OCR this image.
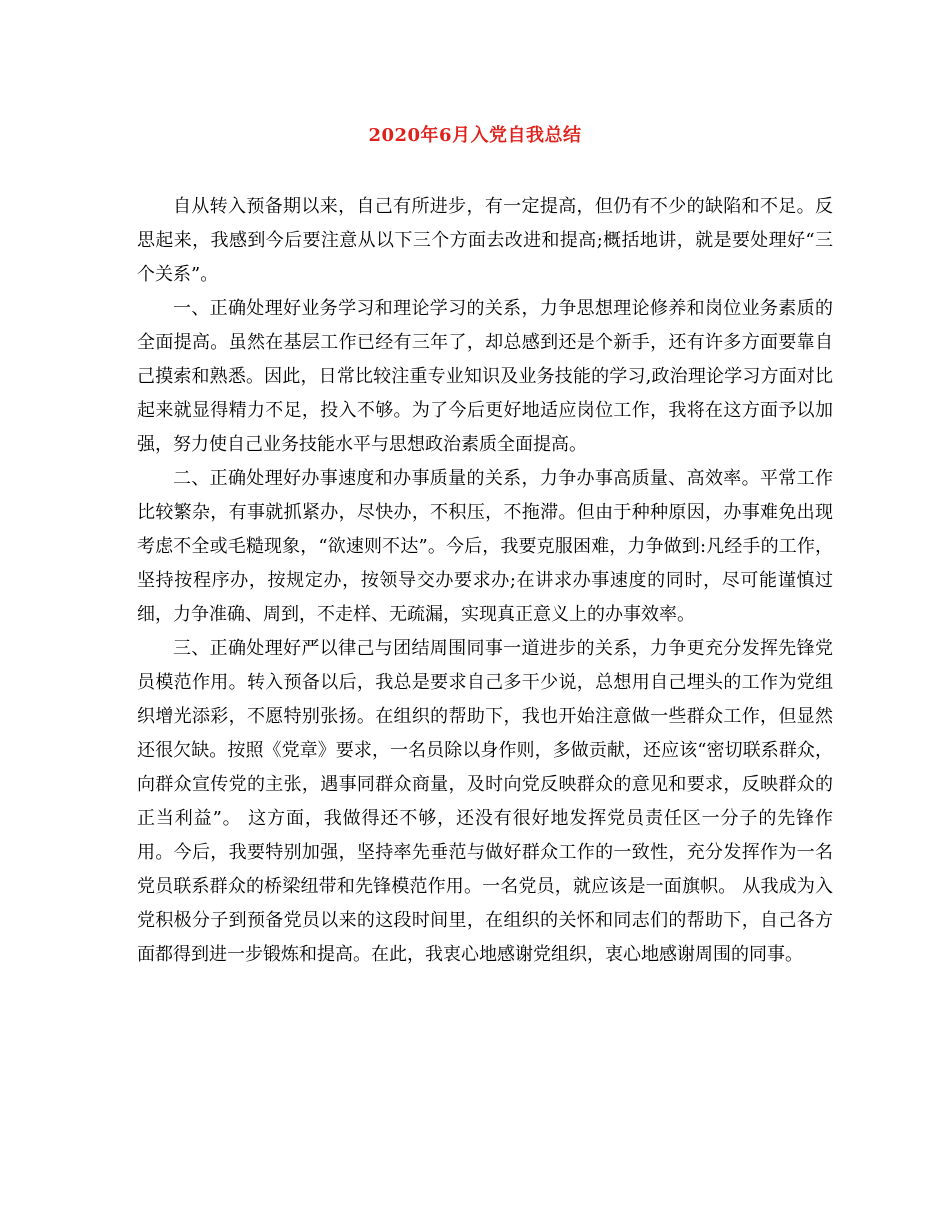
2020年6月入党自我总结

自从转入预备期以来，自己有所进步，有一定提高，但仍有不少的缺陷和不足。反思起来，我感到今后要注意从以下三个方面去改进和提高;概括地讲，就是要处理好“三个关系”。

一、正确处理好业务学习和理论学习的关系，力争思想理论修养和岗位业务素质的全面提高。虽然在基层工作已经有三年了，却总感到还是个新手，还有许多方面要靠自己摸索和熟悉。因此，日常比较注重专业知识及业务技能的学习,政治理论学习方面对比起来就显得精力不足，投入不够。为了今后更好地适应岗位工作，我将在这方面予以加强，努力使自己业务技能水平与思想政治素质全面提高。

二、正确处理好办事速度和办事质量的关系，力争办事高质量、高效率。平常工作比较繁杂，有事就抓紧办，尽快办，不积压，不拖滞。但由于种种原因，办事难免出现考虑不全或毛糙现象，“欲速则不达”。今后，我要克服困难，力争做到:凡经手的工作，坚持按程序办，按规定办，按领导交办要求办;在讲求办事速度的同时，尽可能谨慎过细，力争准确、周到，不走样、无疏漏，实现真正意义上的办事效率。

三、正确处理好严以律己与团结周围同事一道进步的关系，力争更充分发挥先锋党员模范作用。转入预备以后，我总是要求自己多干少说，总想用自己埋头的工作为党组织增光添彩，不愿特别张扬。在组织的帮助下，我也开始注意做一些群众工作，但显然还很欠缺。按照《党章》要求，一名员除以身作则，多做贡献，还应该“密切联系群众，向群众宣传党的主张，遇事同群众商量，及时向党反映群众的意见和要求，反映群众的正当利益”。 这方面，我做得还不够，还没有很好地发挥党员责任区一分子的先锋作用。今后，我要特别加强，坚持率先垂范与做好群众工作的一致性，充分发挥作为一名党员联系群众的桥梁纽带和先锋模范作用。一名党员，就应该是一面旗帜。 从我成为入党积极分子到预备党员以来的这段时间里，在组织的关怀和同志们的帮助下，自己各方面都得到进一步锻炼和提高。在此，我衷心地感谢党组织，衷心地感谢周围的同事。
